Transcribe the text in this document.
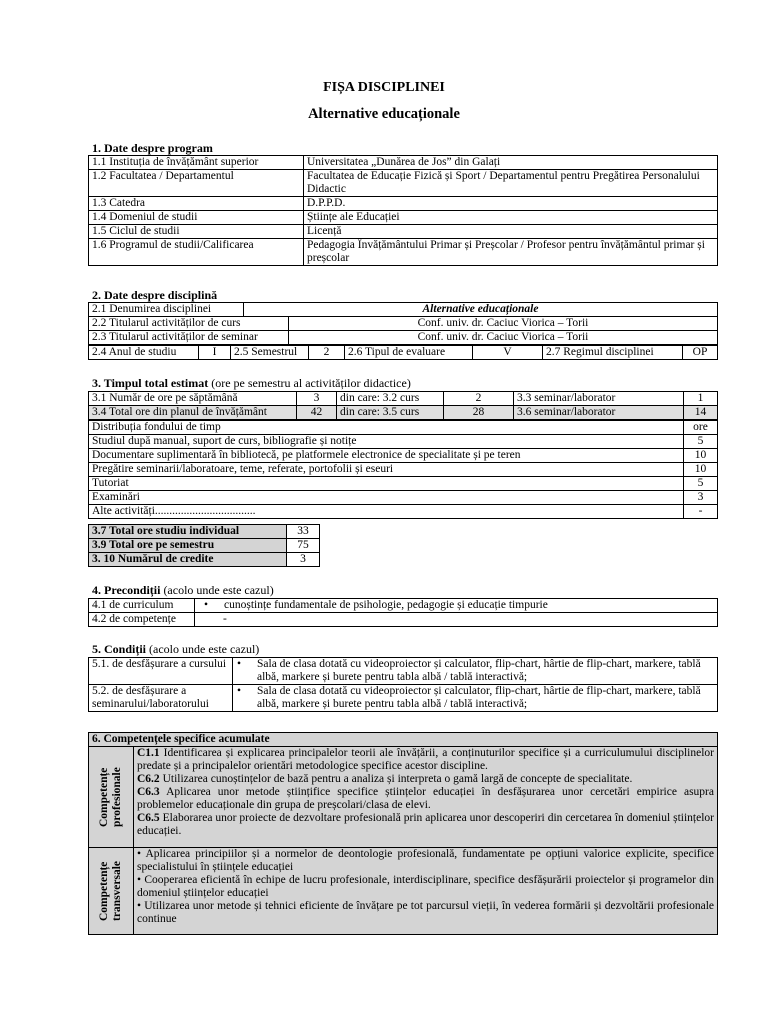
FIȘA DISCIPLINEI
Alternative educaționale
1. Date despre program
1.1 Instituția de învățământ superior	Universitatea „Dunărea de Jos” din Galați
1.2 Facultatea / Departamentul	Facultatea de Educație Fizică și Sport / Departamentul pentru Pregătirea Personalului Didactic
1.3 Catedra	D.P.P.D.
1.4 Domeniul de studii	Științe ale Educației
1.5 Ciclul de studii	Licență
1.6 Programul de studii/Calificarea	Pedagogia Învățământului Primar și Preșcolar / Profesor pentru învățământul primar și preșcolar
2. Date despre disciplină
2.1 Denumirea disciplinei	Alternative educaționale
2.2 Titularul activităților de curs	Conf. univ. dr. Caciuc Viorica – Torii
2.3 Titularul activităților de seminar	Conf. univ. dr. Caciuc Viorica – Torii
2.4 Anul de studiu	I	2.5 Semestrul	2	2.6 Tipul de evaluare	V	2.7 Regimul disciplinei	OP
3. Timpul total estimat (ore pe semestru al activităților didactice)
3.1 Număr de ore pe săptămână	3	din care: 3.2 curs	2	3.3 seminar/laborator	1
3.4 Total ore din planul de învățământ	42	din care: 3.5 curs	28	3.6 seminar/laborator	14
Distribuția fondului de timp	ore
Studiul după manual, suport de curs, bibliografie și notițe	5
Documentare suplimentară în bibliotecă, pe platformele electronice de specialitate și pe teren	10
Pregătire seminarii/laboratoare, teme, referate, portofolii și eseuri	10
Tutoriat	5
Examinări	3
Alte activități...................................	-
3.7 Total ore studiu individual	33
3.9 Total ore pe semestru	75
3. 10 Numărul de credite	3
4. Precondiții (acolo unde este cazul)
4.1 de curriculum	• cunoștințe fundamentale de psihologie, pedagogie și educație timpurie
4.2 de competențe	-
5. Condiții (acolo unde este cazul)
5.1. de desfășurare a cursului	• Sala de clasa dotată cu videoproiector și calculator, flip-chart, hârtie de flip-chart, markere, tablă albă, markere și burete pentru tabla albă / tablă interactivă;

5.2. de desfășurare a seminarului/laboratorului	• Sala de clasa dotată cu videoproiector și calculator, flip-chart, hârtie de flip-chart, markere, tablă albă, markere și burete pentru tabla albă / tablă interactivă;
6. Competențele specifice acumulate	

Competențe profesionale	C1.1 Identificarea și explicarea principalelor teorii ale învățării, a conținuturilor specifice și a curriculumului disciplinelor predate și a principalelor orientări metodologice specifice acestor discipline.
C6.2 Utilizarea cunoștințelor de bază pentru a analiza și interpreta o gamă largă de concepte de specialitate.
C6.3 Aplicarea unor metode științifice specifice științelor educației în desfășurarea unor cercetări empirice asupra problemelor educaționale din grupa de preșcolari/clasa de elevi.
C6.5 Elaborarea unor proiecte de dezvoltare profesională prin aplicarea unor descoperiri din cercetarea în domeniul științelor educației.

Competențe transversale	• Aplicarea principiilor și a normelor de deontologie profesională, fundamentate pe opțiuni valorice explicite, specifice specialistului în științele educației
• Cooperarea eficientă în echipe de lucru profesionale, interdisciplinare, specifice desfășurării proiectelor și programelor din domeniul științelor educației
• Utilizarea unor metode și tehnici eficiente de învățare pe tot parcursul vieții, în vederea formării și dezvoltării profesionale continue
